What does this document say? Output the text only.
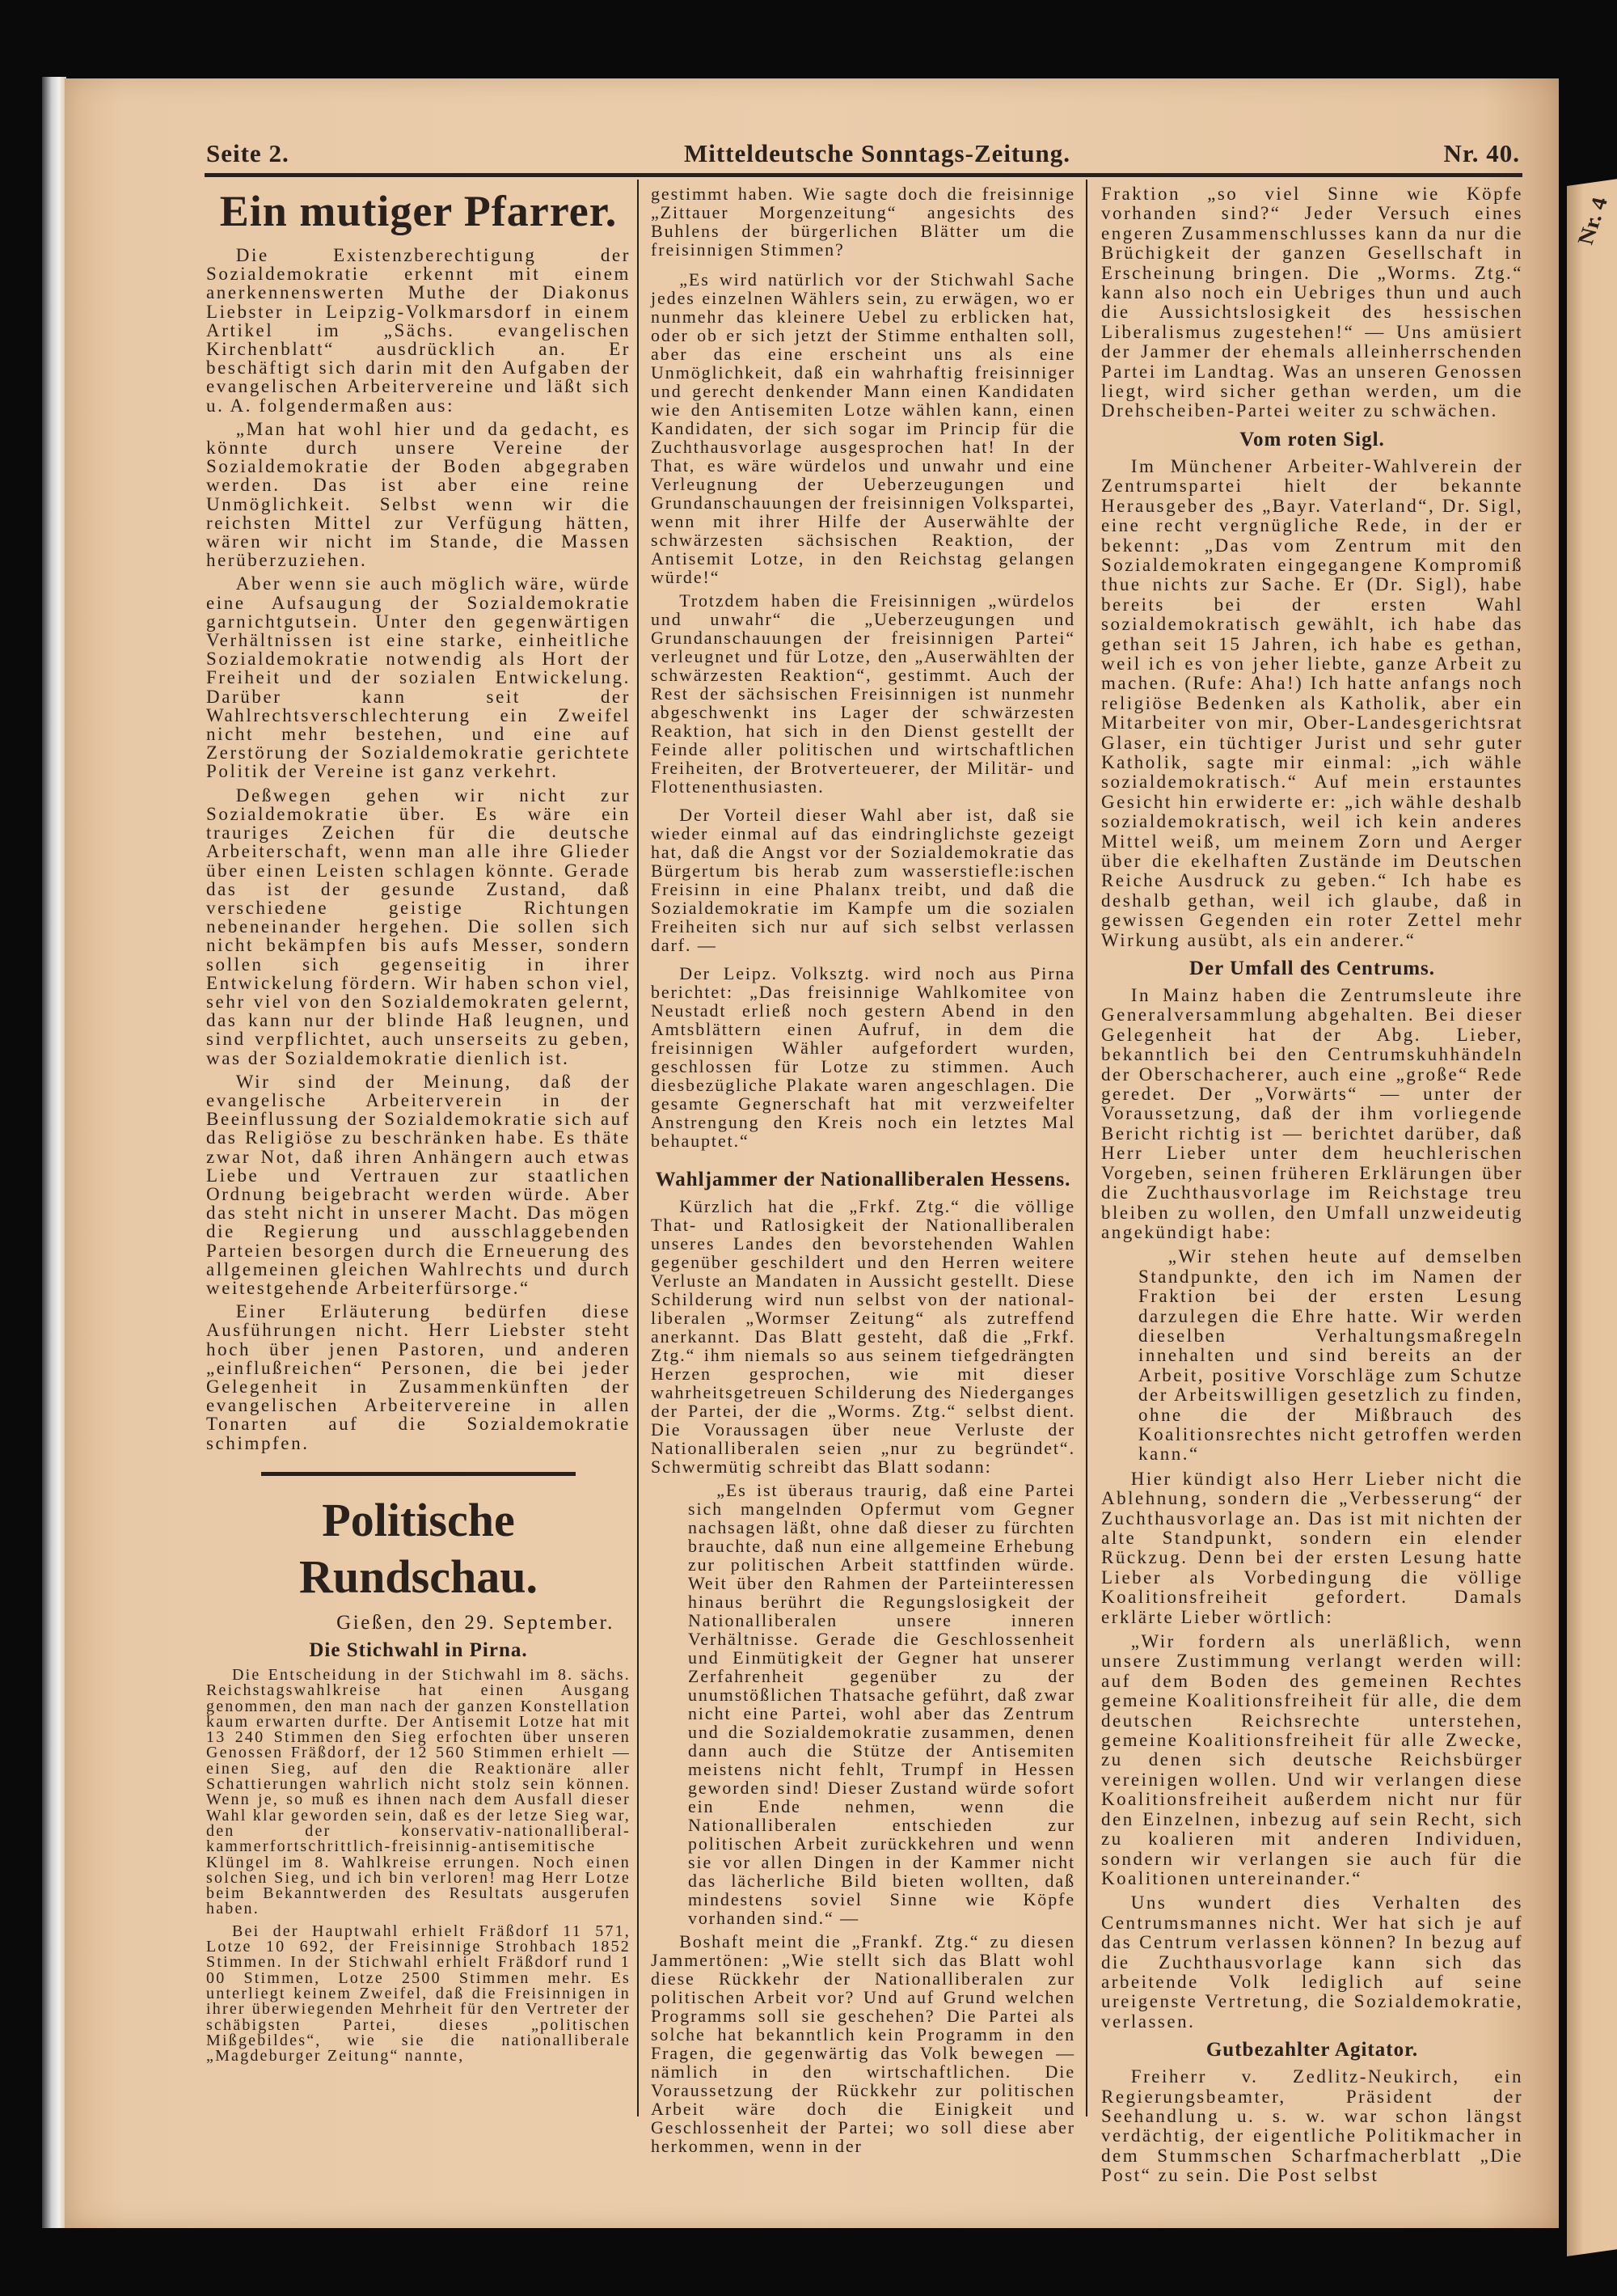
Nr. 4
Seite 2.	Mitteldeutsche Sonntags-Zeitung.	Nr. 40.
Ein mutiger Pfarrer.

Die Existenzberechtigung der Sozialdemokratie erkennt mit einem anerkennenswerten Muthe der Diakonus Liebster in Leipzig-Volkmarsdorf in einem Artikel im „Sächs. evangelischen Kirchenblatt“ ausdrücklich an. Er beschäftigt sich darin mit den Aufgaben der evangelischen Arbeitervereine und läßt sich u. A. folgendermaßen aus:

„Man hat wohl hier und da gedacht, es könnte durch unsere Vereine der Sozialdemokratie der Boden abgegraben werden. Das ist aber eine reine Unmöglichkeit. Selbst wenn wir die reichsten Mittel zur Verfügung hätten, wären wir nicht im Stande, die Massen herüberzuziehen.

Aber wenn sie auch möglich wäre, würde eine Aufsaugung der Sozialdemokratie garnichtgutsein. Unter den gegenwärtigen Verhältnissen ist eine starke, einheitliche Sozialdemokratie notwendig als Hort der Freiheit und der sozialen Entwickelung. Darüber kann seit der Wahlrechtsverschlechterung ein Zweifel nicht mehr bestehen, und eine auf Zerstörung der Sozialdemokratie gerichtete Politik der Vereine ist ganz verkehrt.

Deßwegen gehen wir nicht zur Sozialdemokratie über. Es wäre ein trauriges Zeichen für die deutsche Arbeiterschaft, wenn man alle ihre Glieder über einen Leisten schlagen könnte. Gerade das ist der gesunde Zustand, daß verschiedene geistige Richtungen nebeneinander hergehen. Die sollen sich nicht bekämpfen bis aufs Messer, sondern sollen sich gegenseitig in ihrer Entwickelung fördern. Wir haben schon viel, sehr viel von den Sozialdemokraten gelernt, das kann nur der blinde Haß leugnen, und sind verpflichtet, auch unserseits zu geben, was der Sozialdemokratie dienlich ist.

Wir sind der Meinung, daß der evangelische Arbeiterverein in der Beeinflussung der Sozialdemokratie sich auf das Religiöse zu beschränken habe. Es thäte zwar Not, daß ihren Anhängern auch etwas Liebe und Vertrauen zur staatlichen Ordnung beigebracht werden würde. Aber das steht nicht in unserer Macht. Das mögen die Regierung und ausschlaggebenden Parteien besorgen durch die Erneuerung des allgemeinen gleichen Wahlrechts und durch weitestgehende Arbeiterfürsorge.“

Einer Erläuterung bedürfen diese Ausführungen nicht. Herr Liebster steht hoch über jenen Pastoren, und anderen „einflußreichen“ Personen, die bei jeder Gelegenheit in Zusammenkünften der evangelischen Arbeitervereine in allen Tonarten auf die Sozialdemokratie schimpfen.

Politische Rundschau.
Gießen, den 29. September.
Die Stichwahl in Pirna.

Die Entscheidung in der Stichwahl im 8. sächs. Reichstagswahlkreise hat einen Ausgang genommen, den man nach der ganzen Konstellation kaum erwarten durfte. Der Antisemit Lotze hat mit 13 240 Stimmen den Sieg erfochten über unseren Genossen Fräßdorf, der 12 560 Stimmen erhielt — einen Sieg, auf den die Reaktionäre aller Schattierungen wahrlich nicht stolz sein können. Wenn je, so muß es ihnen nach dem Ausfall dieser Wahl klar geworden sein, daß es der letze Sieg war, den der konservativ-nationalliberal-kammerfortschrittlich-freisinnig-antisemitische Klüngel im 8. Wahlkreise errungen. Noch einen solchen Sieg, und ich bin verloren! mag Herr Lotze beim Bekanntwerden des Resultats ausgerufen haben.

Bei der Hauptwahl erhielt Fräßdorf 11 571, Lotze 10 692, der Freisinnige Strohbach 1852 Stimmen. In der Stichwahl erhielt Fräßdorf rund 1 00 Stimmen, Lotze 2500 Stimmen mehr. Es unterliegt keinem Zweifel, daß die Freisinnigen in ihrer überwiegenden Mehrheit für den Vertreter der schäbigsten Partei, dieses „politischen Mißgebildes“, wie sie die nationalliberale „Magdeburger Zeitung“ nannte,

gestimmt haben. Wie sagte doch die freisinnige „Zittauer Morgenzeitung“ angesichts des Buhlens der bürgerlichen Blätter um die freisinnigen Stimmen?

„Es wird natürlich vor der Stichwahl Sache jedes einzelnen Wählers sein, zu erwägen, wo er nunmehr das kleinere Uebel zu erblicken hat, oder ob er sich jetzt der Stimme enthalten soll, aber das eine erscheint uns als eine Unmöglichkeit, daß ein wahrhaftig freisinniger und gerecht denkender Mann einen Kandidaten wie den Antisemiten Lotze wählen kann, einen Kandidaten, der sich sogar im Princip für die Zuchthausvorlage ausgesprochen hat! In der That, es wäre würdelos und unwahr und eine Verleugnung der Ueberzeugungen und Grundanschauungen der freisinnigen Volkspartei, wenn mit ihrer Hilfe der Auserwählte der schwärzesten sächsischen Reaktion, der Antisemit Lotze, in den Reichstag gelangen würde!“

Trotzdem haben die Freisinnigen „würdelos und unwahr“ die „Ueberzeugungen und Grundanschauungen der freisinnigen Partei“ verleugnet und für Lotze, den „Auserwählten der schwärzesten Reaktion“, gestimmt. Auch der Rest der sächsischen Freisinnigen ist nunmehr abgeschwenkt ins Lager der schwärzesten Reaktion, hat sich in den Dienst gestellt der Feinde aller politischen und wirtschaftlichen Freiheiten, der Brotverteuerer, der Militär- und Flottenenthusiasten.

Der Vorteil dieser Wahl aber ist, daß sie wieder einmal auf das eindringlichste gezeigt hat, daß die Angst vor der Sozialdemokratie das Bürgertum bis herab zum wasserstiefle:ischen Freisinn in eine Phalanx treibt, und daß die Sozialdemokratie im Kampfe um die sozialen Freiheiten sich nur auf sich selbst verlassen darf. —

Der Leipz. Volksztg. wird noch aus Pirna berichtet: „Das freisinnige Wahlkomitee von Neustadt erließ noch gestern Abend in den Amtsblättern einen Aufruf, in dem die freisinnigen Wähler aufgefordert wurden, geschlossen für Lotze zu stimmen. Auch diesbezügliche Plakate waren angeschlagen. Die gesamte Gegnerschaft hat mit verzweifelter Anstrengung den Kreis noch ein letztes Mal behauptet.“

Wahljammer der Nationalliberalen Hessens.

Kürzlich hat die „Frkf. Ztg.“ die völlige That- und Ratlosigkeit der Nationalliberalen unseres Landes den bevorstehenden Wahlen gegenüber geschildert und den Herren weitere Verluste an Mandaten in Aussicht gestellt. Diese Schilderung wird nun selbst von der national-liberalen „Wormser Zeitung“ als zutreffend anerkannt. Das Blatt gesteht, daß die „Frkf. Ztg.“ ihm niemals so aus seinem tiefgedrängten Herzen gesprochen, wie mit dieser wahrheitsgetreuen Schilderung des Niederganges der Partei, der die „Worms. Ztg.“ selbst dient. Die Voraussagen über neue Verluste der Nationalliberalen seien „nur zu begründet“. Schwermütig schreibt das Blatt sodann:

„Es ist überaus traurig, daß eine Partei sich mangelnden Opfermut vom Gegner nachsagen läßt, ohne daß dieser zu fürchten brauchte, daß nun eine allgemeine Erhebung zur politischen Arbeit stattfinden würde. Weit über den Rahmen der Parteiinteressen hinaus berührt die Regungslosigkeit der Nationalliberalen unsere inneren Verhältnisse. Gerade die Geschlossenheit und Einmütigkeit der Gegner hat unserer Zerfahrenheit gegenüber zu der unumstößlichen Thatsache geführt, daß zwar nicht eine Partei, wohl aber das Zentrum und die Sozialdemokratie zusammen, denen dann auch die Stütze der Antisemiten meistens nicht fehlt, Trumpf in Hessen geworden sind! Dieser Zustand würde sofort ein Ende nehmen, wenn die Nationalliberalen entschieden zur politischen Arbeit zurückkehren und wenn sie vor allen Dingen in der Kammer nicht das lächerliche Bild bieten wollten, daß mindestens soviel Sinne wie Köpfe vorhanden sind.“ —

Boshaft meint die „Frankf. Ztg.“ zu diesen Jammertönen: „Wie stellt sich das Blatt wohl diese Rückkehr der Nationalliberalen zur politischen Arbeit vor? Und auf Grund welchen Programms soll sie geschehen? Die Partei als solche hat bekanntlich kein Programm in den Fragen, die gegenwärtig das Volk bewegen — nämlich in den wirtschaftlichen. Die Voraussetzung der Rückkehr zur politischen Arbeit wäre doch die Einigkeit und Geschlossenheit der Partei; wo soll diese aber herkommen, wenn in der

Fraktion „so viel Sinne wie Köpfe vorhanden sind?“ Jeder Versuch eines engeren Zusammenschlusses kann da nur die Brüchigkeit der ganzen Gesellschaft in Erscheinung bringen. Die „Worms. Ztg.“ kann also noch ein Uebriges thun und auch die Aussichtslosigkeit des hessischen Liberalismus zugestehen!“ — Uns amüsiert der Jammer der ehemals alleinherrschenden Partei im Landtag. Was an unseren Genossen liegt, wird sicher gethan werden, um die Drehscheiben-Partei weiter zu schwächen.

Vom roten Sigl.

Im Münchener Arbeiter-Wahlverein der Zentrumspartei hielt der bekannte Herausgeber des „Bayr. Vaterland“, Dr. Sigl, eine recht vergnügliche Rede, in der er bekennt: „Das vom Zentrum mit den Sozialdemokraten eingegangene Kompromiß thue nichts zur Sache. Er (Dr. Sigl), habe bereits bei der ersten Wahl sozialdemokratisch gewählt, ich habe das gethan seit 15 Jahren, ich habe es gethan, weil ich es von jeher liebte, ganze Arbeit zu machen. (Rufe: Aha!) Ich hatte anfangs noch religiöse Bedenken als Katholik, aber ein Mitarbeiter von mir, Ober-Landesgerichtsrat Glaser, ein tüchtiger Jurist und sehr guter Katholik, sagte mir einmal: „ich wähle sozialdemokratisch.“ Auf mein erstauntes Gesicht hin erwiderte er: „ich wähle deshalb sozialdemokratisch, weil ich kein anderes Mittel weiß, um meinem Zorn und Aerger über die ekelhaften Zustände im Deutschen Reiche Ausdruck zu geben.“ Ich habe es deshalb gethan, weil ich glaube, daß in gewissen Gegenden ein roter Zettel mehr Wirkung ausübt, als ein anderer.“

Der Umfall des Centrums.

In Mainz haben die Zentrumsleute ihre Generalversammlung abgehalten. Bei dieser Gelegenheit hat der Abg. Lieber, bekanntlich bei den Centrumskuhhändeln der Oberschacherer, auch eine „große“ Rede geredet. Der „Vorwärts“ — unter der Voraussetzung, daß der ihm vorliegende Bericht richtig ist — berichtet darüber, daß Herr Lieber unter dem heuchlerischen Vorgeben, seinen früheren Erklärungen über die Zuchthausvorlage im Reichstage treu bleiben zu wollen, den Umfall unzweideutig angekündigt habe:

„Wir stehen heute auf demselben Standpunkte, den ich im Namen der Fraktion bei der ersten Lesung darzulegen die Ehre hatte. Wir werden dieselben Verhaltungsmaßregeln innehalten und sind bereits an der Arbeit, positive Vorschläge zum Schutze der Arbeitswilligen gesetzlich zu finden, ohne die der Mißbrauch des Koalitionsrechtes nicht getroffen werden kann.“

Hier kündigt also Herr Lieber nicht die Ablehnung, sondern die „Verbesserung“ der Zuchthausvorlage an. Das ist mit nichten der alte Standpunkt, sondern ein elender Rückzug. Denn bei der ersten Lesung hatte Lieber als Vorbedingung die völlige Koalitionsfreiheit gefordert. Damals erklärte Lieber wörtlich:

„Wir fordern als unerläßlich, wenn unsere Zustimmung verlangt werden will: auf dem Boden des gemeinen Rechtes gemeine Koalitionsfreiheit für alle, die dem deutschen Reichsrechte unterstehen, gemeine Koalitionsfreiheit für alle Zwecke, zu denen sich deutsche Reichsbürger vereinigen wollen. Und wir verlangen diese Koalitionsfreiheit außerdem nicht nur für den Einzelnen, inbezug auf sein Recht, sich zu koalieren mit anderen Individuen, sondern wir verlangen sie auch für die Koalitionen untereinander.“

Uns wundert dies Verhalten des Centrumsmannes nicht. Wer hat sich je auf das Centrum verlassen können? In bezug auf die Zuchthausvorlage kann sich das arbeitende Volk lediglich auf seine ureigenste Vertretung, die Sozialdemokratie, verlassen.

Gutbezahlter Agitator.

Freiherr v. Zedlitz-Neukirch, ein Regierungsbeamter, Präsident der Seehandlung u. s. w. war schon längst verdächtig, der eigentliche Politikmacher in dem Stummschen Scharfmacherblatt „Die Post“ zu sein. Die Post selbst
